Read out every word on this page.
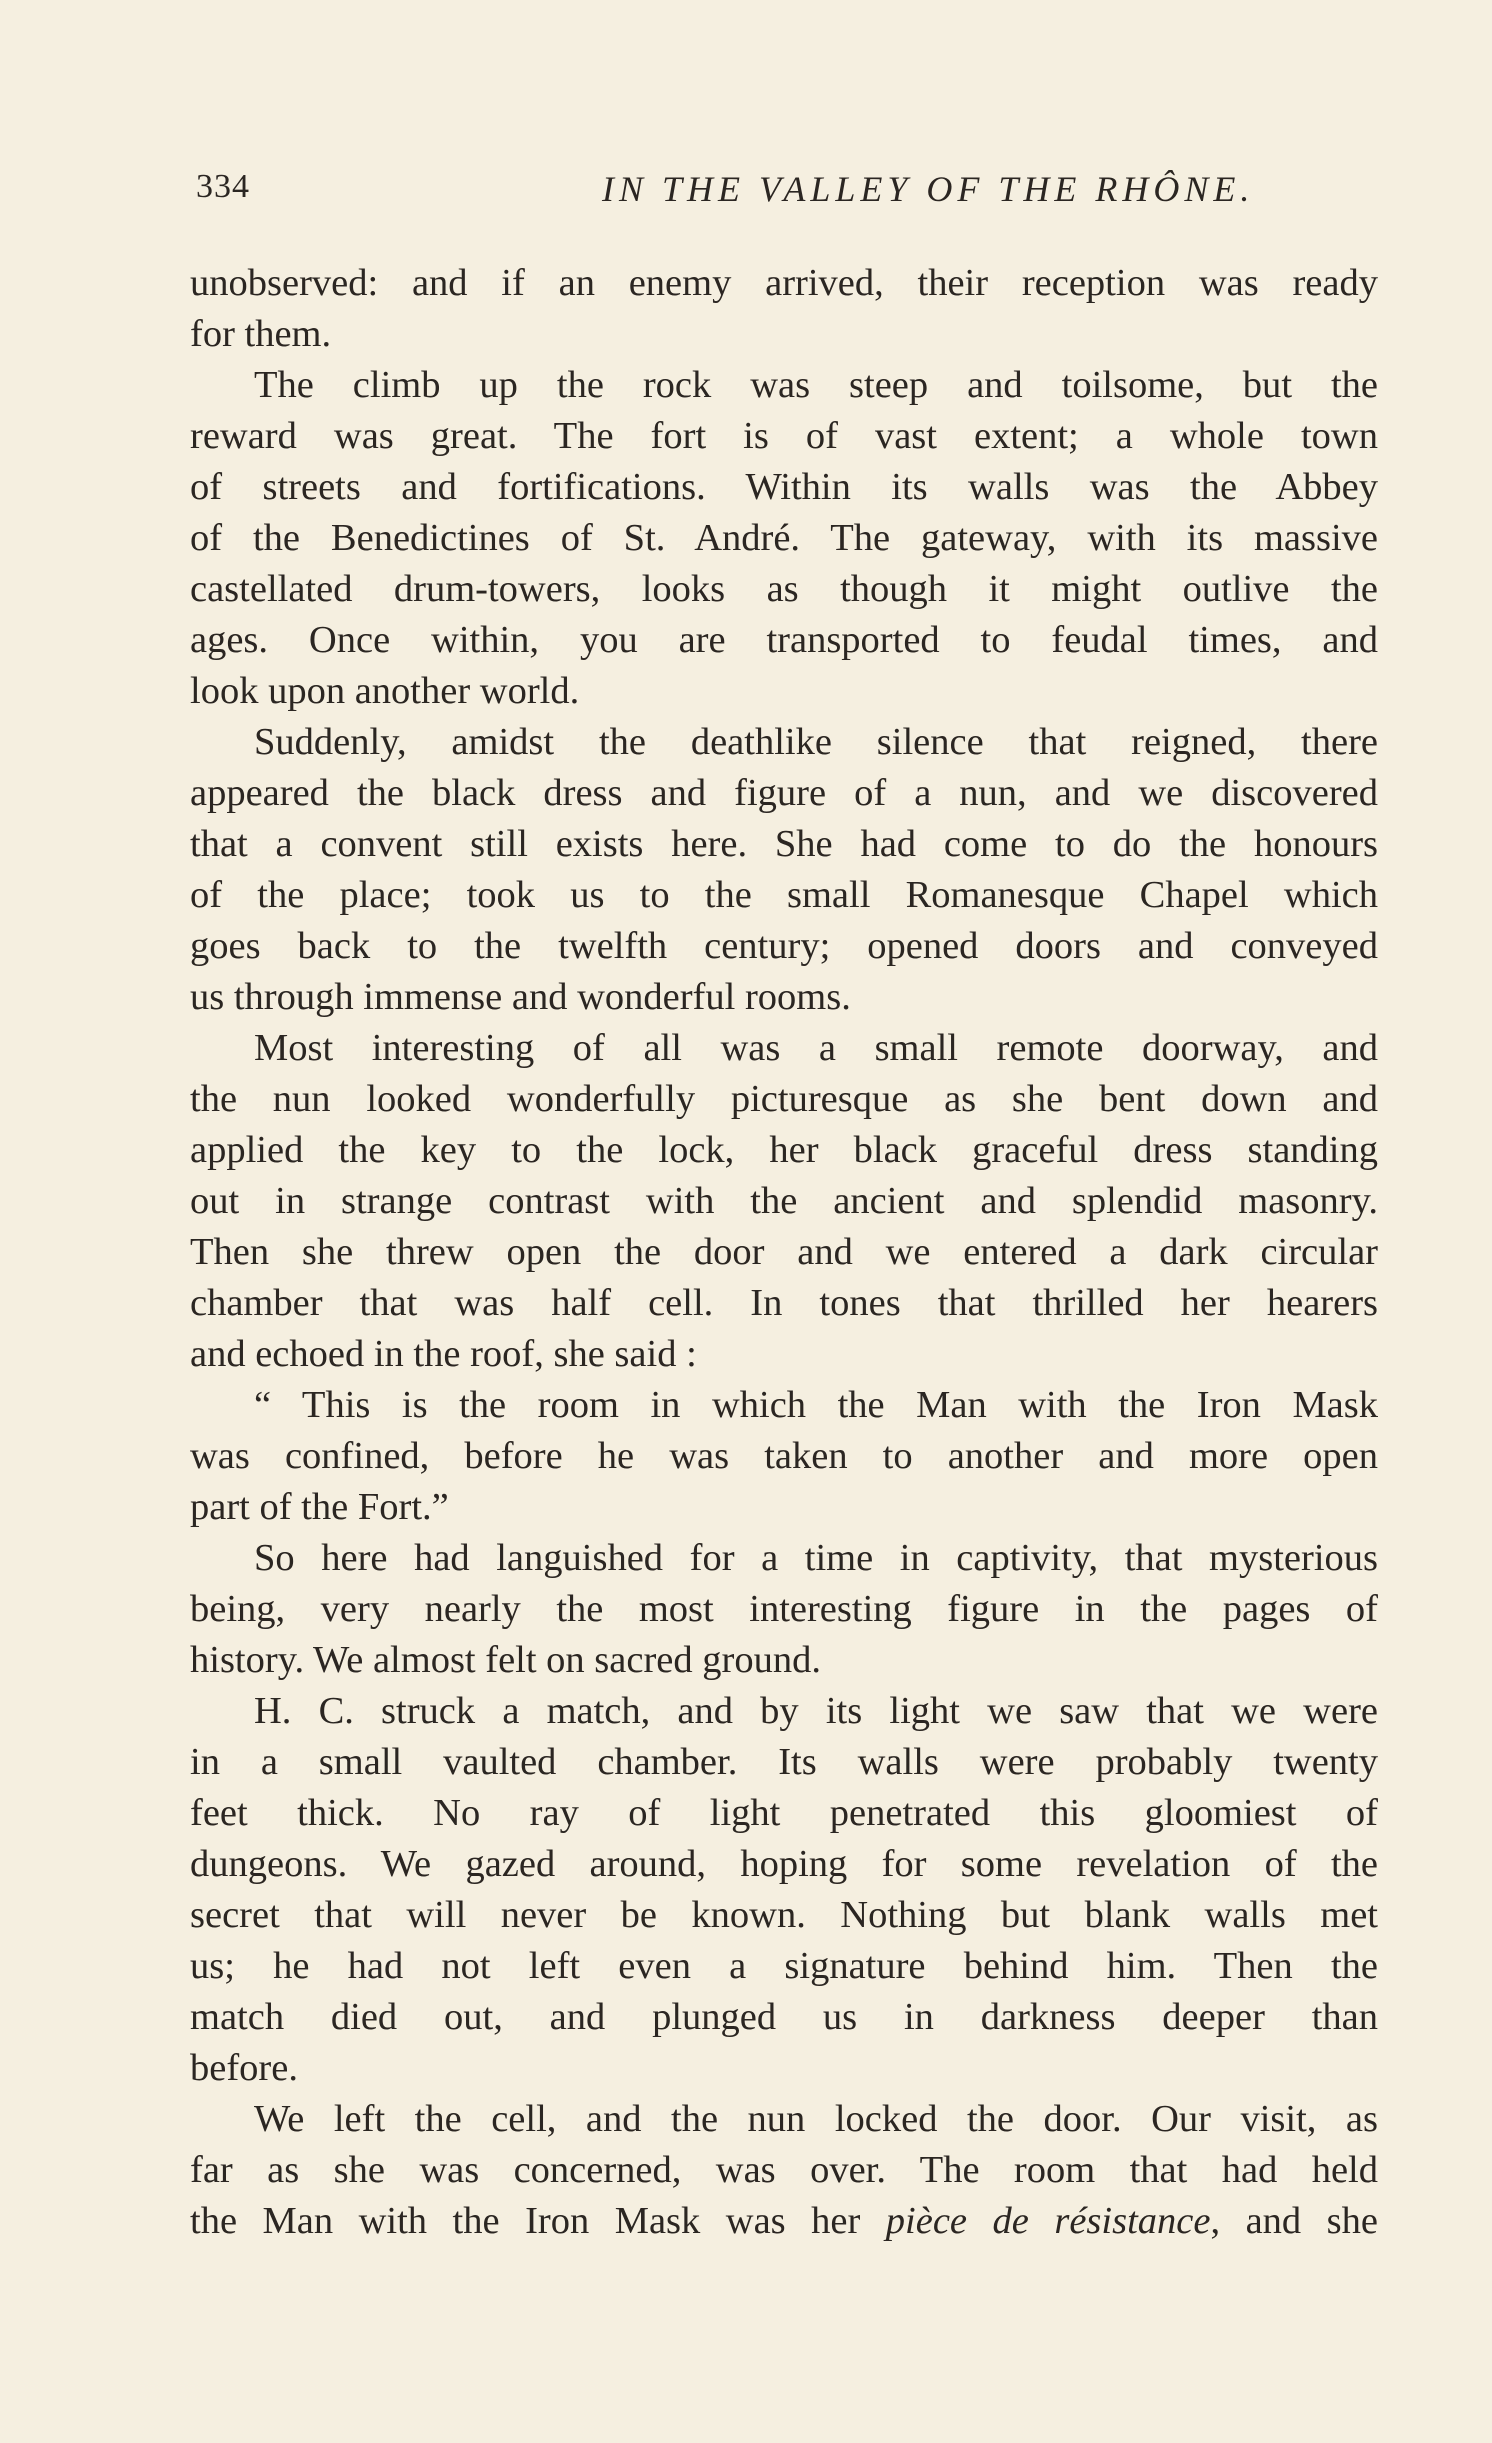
334	IN THE VALLEY OF THE RHÔNE.
unobserved: and if an enemy arrived, their reception was ready
for them.
The climb up the rock was steep and toilsome, but the
reward was great. The fort is of vast extent; a whole town
of streets and fortifications. Within its walls was the Abbey
of the Benedictines of St. André. The gateway, with its massive
castellated drum-towers, looks as though it might outlive the
ages. Once within, you are transported to feudal times, and
look upon another world.
Suddenly, amidst the deathlike silence that reigned, there
appeared the black dress and figure of a nun, and we discovered
that a convent still exists here. She had come to do the honours
of the place; took us to the small Romanesque Chapel which
goes back to the twelfth century; opened doors and conveyed
us through immense and wonderful rooms.
Most interesting of all was a small remote doorway, and
the nun looked wonderfully picturesque as she bent down and
applied the key to the lock, her black graceful dress standing
out in strange contrast with the ancient and splendid masonry.
Then she threw open the door and we entered a dark circular
chamber that was half cell. In tones that thrilled her hearers
and echoed in the roof, she said :
“ This is the room in which the Man with the Iron Mask
was confined, before he was taken to another and more open
part of the Fort.”
So here had languished for a time in captivity, that mysterious
being, very nearly the most interesting figure in the pages of
history. We almost felt on sacred ground.
H. C. struck a match, and by its light we saw that we were
in a small vaulted chamber. Its walls were probably twenty
feet thick. No ray of light penetrated this gloomiest of
dungeons. We gazed around, hoping for some revelation of the
secret that will never be known. Nothing but blank walls met
us; he had not left even a signature behind him. Then the
match died out, and plunged us in darkness deeper than
before.
We left the cell, and the nun locked the door. Our visit, as
far as she was concerned, was over. The room that had held
the Man with the Iron Mask was her pièce de résistance, and she
